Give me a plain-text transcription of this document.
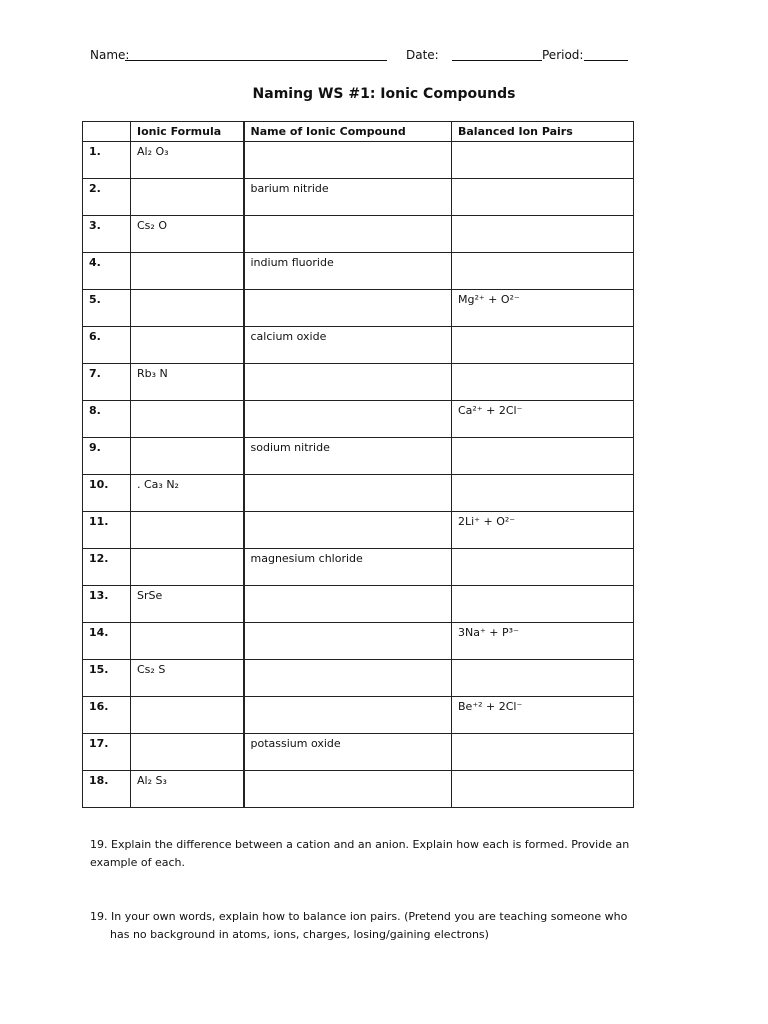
Name:	Date:	Period:
Naming WS #1: Ionic Compounds
	Ionic Formula	Name of Ionic Compound	Balanced Ion Pairs
1.	Al₂ O₃		
2.		barium nitride	
3.	Cs₂ O		
4.		indium fluoride	
5.			Mg²⁺ + O²⁻
6.		calcium oxide	
7.	Rb₃ N		
8.			Ca²⁺ + 2Cl⁻
9.		sodium nitride	
10.	. Ca₃ N₂		
11.			2Li⁺ + O²⁻
12.		magnesium chloride	
13.	SrSe		
14.			3Na⁺ + P³⁻
15.	Cs₂ S		
16.			Be⁺² + 2Cl⁻
17.		potassium oxide	
18.	Al₂ S₃		
19. Explain the difference between a cation and an anion. Explain how each is formed. Provide an example of each.
19. In your own words, explain how to balance ion pairs. (Pretend you are teaching someone who has no background in atoms, ions, charges, losing/gaining electrons)
